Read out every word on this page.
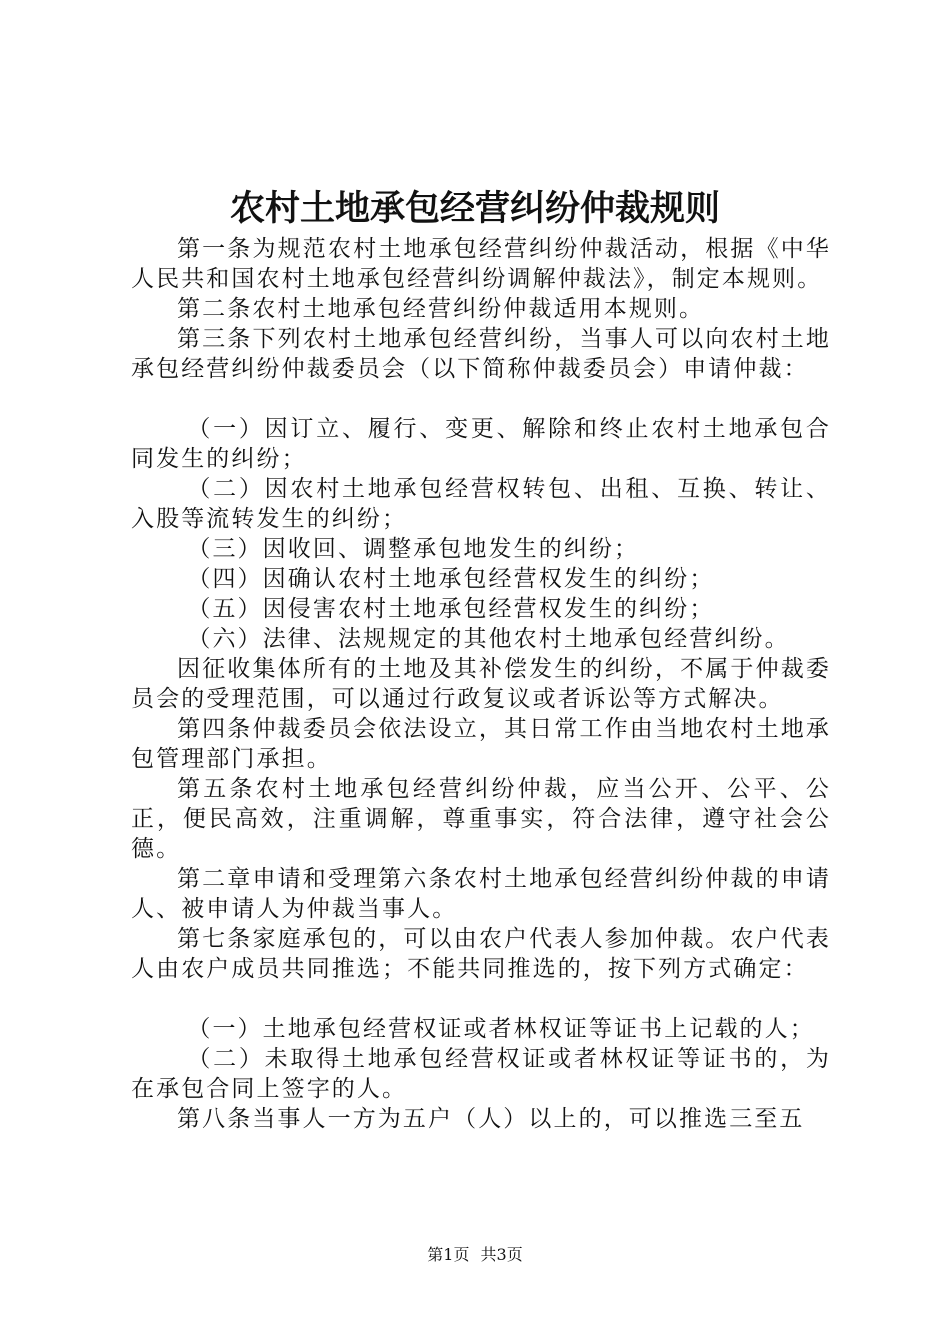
农村土地承包经营纠纷仲裁规则

第一条为规范农村土地承包经营纠纷仲裁活动，根据《中华人民共和国农村土地承包经营纠纷调解仲裁法》，制定本规则。

第二条农村土地承包经营纠纷仲裁适用本规则。

第三条下列农村土地承包经营纠纷，当事人可以向农村土地承包经营纠纷仲裁委员会（以下简称仲裁委员会）申请仲裁：

（一）因订立、履行、变更、解除和终止农村土地承包合同发生的纠纷；

（二）因农村土地承包经营权转包、出租、互换、转让、入股等流转发生的纠纷；

（三）因收回、调整承包地发生的纠纷；

（四）因确认农村土地承包经营权发生的纠纷；

（五）因侵害农村土地承包经营权发生的纠纷；

（六）法律、法规规定的其他农村土地承包经营纠纷。

因征收集体所有的土地及其补偿发生的纠纷，不属于仲裁委员会的受理范围，可以通过行政复议或者诉讼等方式解决。

第四条仲裁委员会依法设立，其日常工作由当地农村土地承包管理部门承担。

第五条农村土地承包经营纠纷仲裁，应当公开、公平、公正，便民高效，注重调解，尊重事实，符合法律，遵守社会公德。

第二章申请和受理第六条农村土地承包经营纠纷仲裁的申请人、被申请人为仲裁当事人。

第七条家庭承包的，可以由农户代表人参加仲裁。农户代表人由农户成员共同推选；不能共同推选的，按下列方式确定：

（一）土地承包经营权证或者林权证等证书上记载的人；

（二）未取得土地承包经营权证或者林权证等证书的，为在承包合同上签字的人。

第八条当事人一方为五户（人）以上的，可以推选三至五

第1页 共3页
